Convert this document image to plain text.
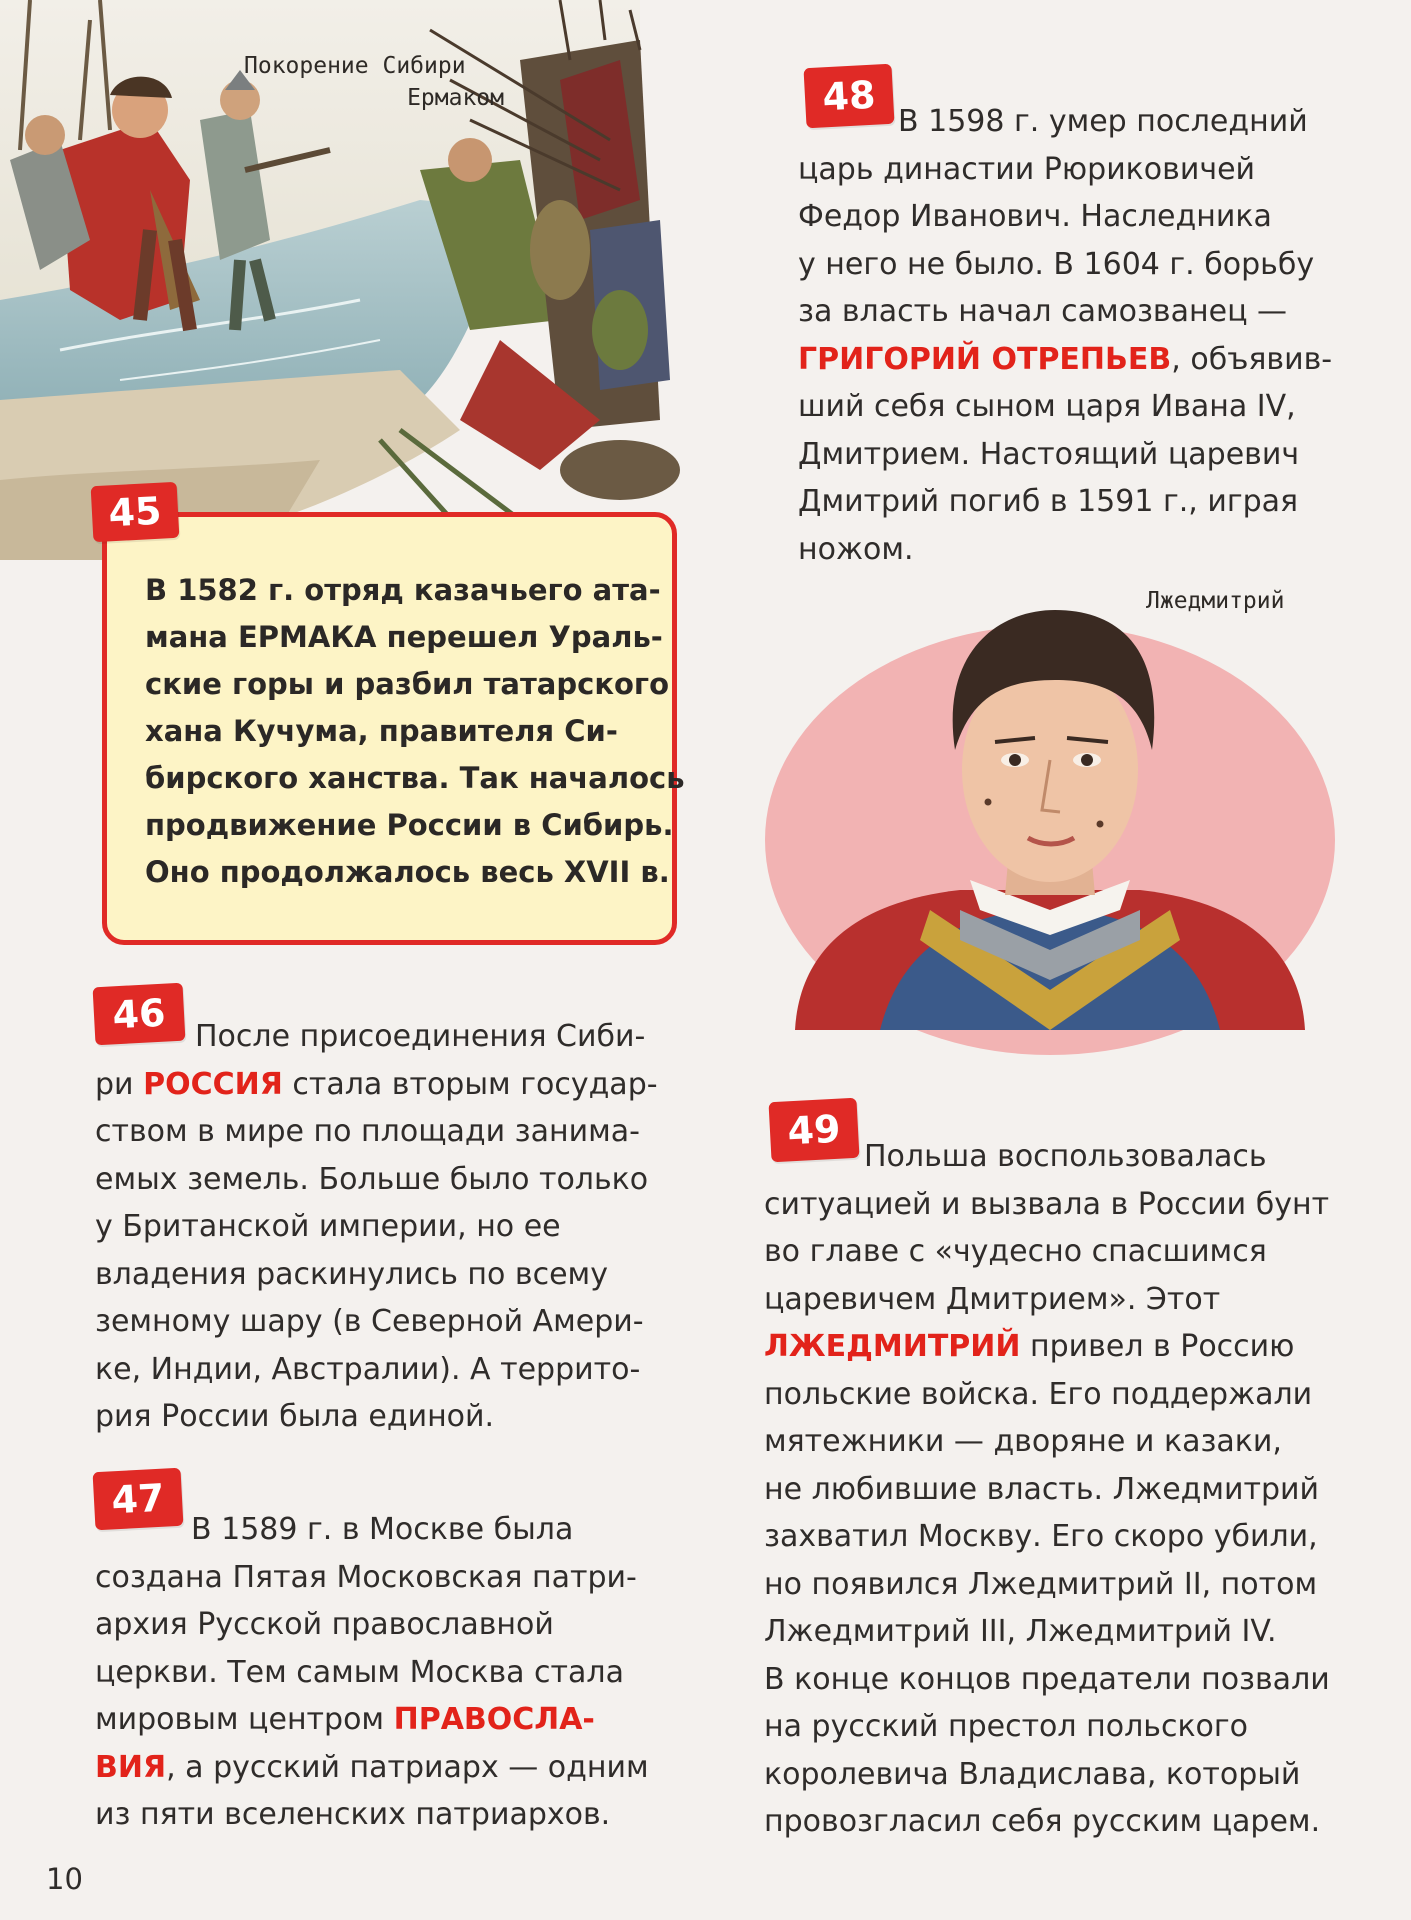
Покорение Сибири
Ермаком

В 1582 г. отряд казачьего ата-

мана ЕРМАКА перешел Ураль-

ские горы и разбил татарского

хана Кучума, правителя Си-

бирского ханства. Так началось

продвижение России в Сибирь.

Оно продолжалось весь XVII в.

45
46 После присоединения Сиби-

ри РОССИЯ стала вторым государ-

ством в мире по площади занима-

емых земель. Больше было только

у Британской империи, но ее

владения раскинулись по всему

земному шару (в Северной Амери-

ке, Индии, Австралии). А террито-

рия России была единой.

47

В 1589 г. в Москве была

создана Пятая Московская патри-

архия Русской православной

церкви. Тем самым Москва стала

мировым центром ПРАВОСЛА-

ВИЯ, а русский патриарх — одним

из пяти вселенских патриархов.

48

В 1598 г. умер последний

царь династии Рюриковичей

Федор Иванович. Наследника

у него не было. В 1604 г. борьбу

за власть начал самозванец —

ГРИГОРИЙ ОТРЕПЬЕВ, объявив-

ший себя сыном царя Ивана IV,

Дмитрием. Настоящий царевич

Дмитрий погиб в 1591 г., играя

ножом.

Лжедмитрий
49

Польша воспользовалась

ситуацией и вызвала в России бунт

во главе с «чудесно спасшимся

царевичем Дмитрием». Этот

ЛЖЕДМИТРИЙ привел в Россию

польские войска. Его поддержали

мятежники — дворяне и казаки,

не любившие власть. Лжедмитрий

захватил Москву. Его скоро убили,

но появился Лжедмитрий II, потом

Лжедмитрий III, Лжедмитрий IV.

В конце концов предатели позвали

на русский престол польского

королевича Владислава, который

провозгласил себя русским царем.

10
